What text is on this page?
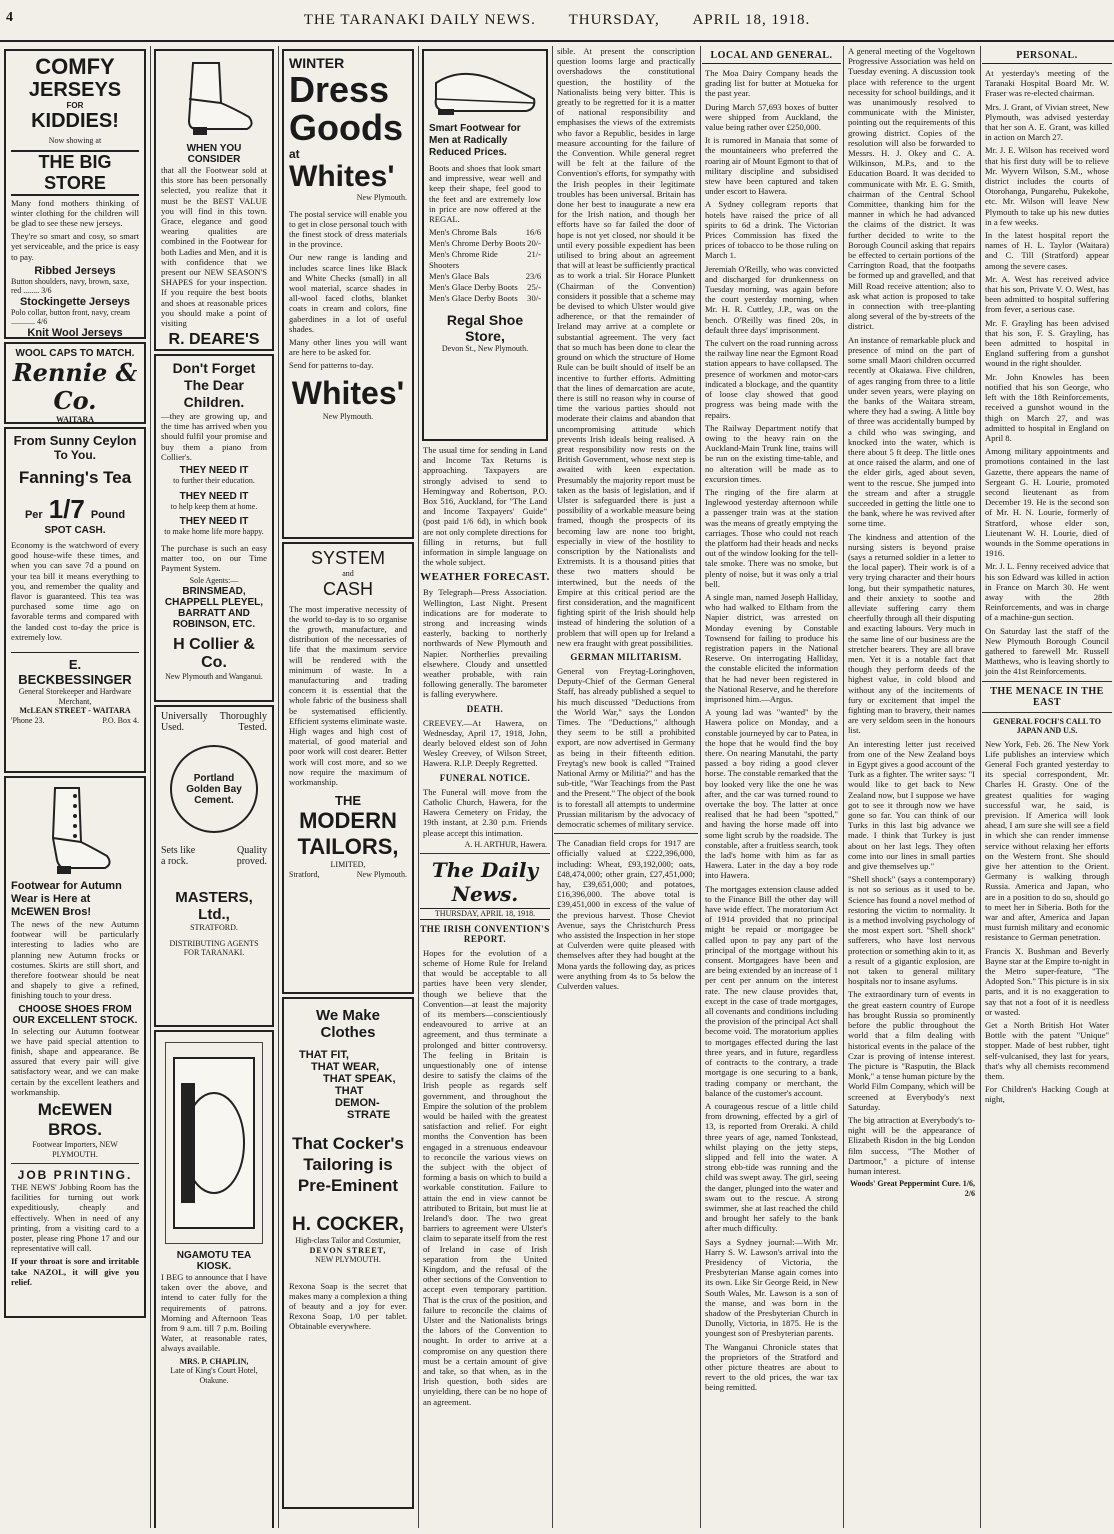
4	THE TARANAKI DAILY NEWS. THURSDAY, APRIL 18, 1918.
COMFY
JERSEYS
FOR
KIDDIES!
Now showing at
THE BIG STORE

Many fond mothers thinking of winter clothing for the children will be glad to see these new jerseys.

They're so smart and cosy, so smart yet serviceable, and the price is easy to pay.

Ribbed Jerseys
Button shoulders, navy, brown, saxe, red ........ 3/6
Stockingette Jerseys
Polo collar, button front, navy, cream ............ 4/6
Knit Wool Jerseys
WOOL CAPS TO MATCH.
Rennie & Co.
WAITARA
From Sunny Ceylon
To You.
Fanning's Tea
Per 1/7 Pound
SPOT CASH.

Economy is the watchword of every good house-wife these times, and when you can save 7d a pound on your tea bill it means everything to you, and remember the quality and flavor is guaranteed. This tea was purchased some time ago on favorable terms and compared with the landed cost to-day the price is extremely low.

E. BECKBESSINGER
General Storekeeper and Hardware Merchant,
McLEAN STREET - WAITARA
'Phone 23.	P.O. Box 4.
Footwear for Autumn Wear is Here at McEWEN Bros!

The news of the new Autumn footwear will be particularly interesting to ladies who are planning new Autumn frocks or costumes. Skirts are still short, and therefore footwear should be neat and shapely to give a refined, finishing touch to your dress.

CHOOSE SHOES FROM OUR EXCELLENT STOCK.

In selecting our Autumn footwear we have paid special attention to finish, shape and appearance. Be assured that every pair will give satisfactory wear, and we can make certain by the excellent leathers and workmanship.

McEWEN BROS.
Footwear Importers, NEW PLYMOUTH.
JOB PRINTING.

THE NEWS' Jobbing Room has the facilities for turning out work expeditiously, cheaply and effectively. When in need of any printing, from a visiting card to a poster, please ring Phone 17 and our representative will call.

If your throat is sore and irritable take NAZOL, it will give you relief.

WHEN YOU CONSIDER

that all the Footwear sold at this store has been personally selected, you realize that it must be the BEST VALUE you will find in this town. Grace, elegance and good wearing qualities are combined in the Footwear for both Ladies and Men, and it is with confidence that we present our NEW SEASON'S SHAPES for your inspection. If you require the best boots and shoes at reasonable prices you should make a point of visiting

R. DEARE'S
Don't Forget The Dear Children.

—they are growing up, and the time has arrived when you should fulfil your promise and buy them a piano from Collier's.

THEY NEED IT
to further their education.
THEY NEED IT
to help keep them at home.
THEY NEED IT
to make home life more happy.

The purchase is such an easy matter too, on our Time Payment System.

Sole Agents:—
BRINSMEAD, CHAPPELL PLEYEL, BARRATT AND ROBINSON, ETC.
H Collier & Co.
New Plymouth and Wanganui.
Universally Thoroughly
Used.	Tested.
Portland
Golden Bay
Cement.
Sets like	Quality
a rock.	proved.
MASTERS, Ltd.,
STRATFORD.
DISTRIBUTING AGENTS FOR TARANAKI.
NGAMOTU TEA KIOSK.

I BEG to announce that I have taken over the above, and intend to cater fully for the requirements of patrons. Morning and Afternoon Teas from 9 a.m. till 7 p.m. Boiling Water, at reasonable rates, always available.

MRS. P. CHAPLIN,
Late of King's Court Hotel, Otakune.
WINTER
Dress
Goods
at
Whites'
New Plymouth.

The postal service will enable you to get in close personal touch with the finest stock of dress materials in the province.

Our new range is landing and includes scarce lines like Black and White Checks (small) in all wool material, scarce shades in all-wool faced cloths, blanket coats in cream and colors, fine gaberdines in a lot of useful shades.

Many other lines you will want are here to be asked for.

Send for patterns to-day.

Whites'
New Plymouth.
SYSTEM
and
CASH

The most imperative necessity of the world to-day is to so organise the growth, manufacture, and distribution of the necessaries of life that the maximum service will be rendered with the minimum of waste. In a manufacturing and trading concern it is essential that the whole fabric of the business shall be systematised efficiently. Efficient systems eliminate waste. High wages and high cost of material, of good material and poor work will cost dearer. Better work will cost more, and so we now require the maximum of workmanship.

THE
MODERN
TAILORS,
LIMITED,
Stratford,	New Plymouth.
We Make Clothes
THAT FIT,
THAT WEAR,
THAT SPEAK,
THAT DEMON-
STRATE
That Cocker's Tailoring is Pre-Eminent
H. COCKER,
High-class Tailor and Costumier,
DEVON STREET,
NEW PLYMOUTH.

Rexona Soap is the secret that makes many a complexion a thing of beauty and a joy for ever. Rexona Soap, 1/0 per tablet. Obtainable everywhere.

Smart Footwear for Men at Radically Reduced Prices.

Boots and shoes that look smart and impressive, wear well and keep their shape, feel good to the feet and are extremely low in price are now offered at the REGAL.

Men's Chrome Bals	16/6
Men's Chrome Derby Boots 20/-
Men's Chrome Ride Shooters
21/-
Men's Glace Bals	23/6
Men's Glace Derby Boots 25/-
Men's Glace Derby Boots 30/-
Regal Shoe Store,
Devon St., New Plymouth.

The usual time for sending in Land and Income Tax Returns is approaching. Taxpayers are strongly advised to send to Hemingway and Robertson, P.O. Box 516, Auckland, for "The Land and Income Taxpayers' Guide" (post paid 1/6 6d), in which book are not only complete directions for filling in returns, but full information in simple language on the whole subject.

WEATHER FORECAST.

By Telegraph—Press Association. Wellington, Last Night. Present indications are for moderate to strong and increasing winds easterly, backing to northerly northwards of New Plymouth and Napier. Northerlies prevailing elsewhere. Cloudy and unsettled weather probable, with rain following generally. The barometer is falling everywhere.

DEATH.

CREEVEY.—At Hawera, on Wednesday, April 17, 1918, John, dearly beloved eldest son of John Wesley Creevey, of Wilson Street, Hawera. R.I.P. Deeply Regretted.

FUNERAL NOTICE.

The Funeral will move from the Catholic Church, Hawera, for the Hawera Cemetery on Friday, the 19th instant, at 2.30 p.m. Friends please accept this intimation.

A. H. ARTHUR, Hawera.
The Daily News.
THURSDAY, APRIL 18, 1918.
THE IRISH CONVENTION'S REPORT.

Hopes for the evolution of a scheme of Home Rule for Ireland that would be acceptable to all parties have been very slender, though we believe that the Convention—at least the majority of its members—conscientiously endeavoured to arrive at an agreement, and thus terminate a prolonged and bitter controversy. The feeling in Britain is unquestionably one of intense desire to satisfy the claims of the Irish people as regards self government, and throughout the Empire the solution of the problem would be hailed with the greatest satisfaction and relief. For eight months the Convention has been engaged in a strenuous endeavour to reconcile the various views on the subject with the object of forming a basis on which to build a workable constitution. Failure to attain the end in view cannot be attributed to Britain, but must lie at Ireland's door. The two great barriers to agreement were Ulster's claim to separate itself from the rest of Ireland in case of Irish separation from the United Kingdom, and the refusal of the other sections of the Convention to accept even temporary partition. That is the crux of the position, and failure to reconcile the claims of Ulster and the Nationalists brings the labors of the Convention to nought. In order to arrive at a compromise on any question there must be a certain amount of give and take, so that when, as in the Irish question, both sides are unyielding, there can be no hope of an agreement.

sible. At present the conscription question looms large and practically overshadows the constitutional question, the hostility of the Nationalists being very bitter. This is greatly to be regretted for it is a matter of national responsibility and emphasises the views of the extremists who favor a Republic, besides in large measure accounting for the failure of the Convention. While general regret will be felt at the failure of the Convention's efforts, for sympathy with the Irish peoples in their legitimate troubles has been universal. Britain has done her best to inaugurate a new era for the Irish nation, and though her efforts have so far failed the door of hope is not yet closed, nor should it be until every possible expedient has been utilised to bring about an agreement that will at least be sufficiently practical as to work a trial. Sir Horace Plunkett (Chairman of the Convention) considers it possible that a scheme may be devised to which Ulster would give adherence, or that the remainder of Ireland may arrive at a complete or substantial agreement. The very fact that so much has been done to clear the ground on which the structure of Home Rule can be built should of itself be an incentive to further efforts. Admitting that the lines of demarcation are acute, there is still no reason why in course of time the various parties should not moderate their claims and abandon that uncompromising attitude which prevents Irish ideals being realised. A great responsibility now rests on the British Government, whose next step is awaited with keen expectation. Presumably the majority report must be taken as the basis of legislation, and if Ulster is safeguarded there is just a possibility of a workable measure being framed, though the prospects of its becoming law are none too bright, especially in view of the hostility to conscription by the Nationalists and Extremists. It is a thousand pities that these two matters should be intertwined, but the needs of the Empire at this critical period are the first consideration, and the magnificent fighting spirit of the Irish should help instead of hindering the solution of a problem that will open up for Ireland a new era fraught with great possibilities.

GERMAN MILITARISM.

General von Freytag-Loringhoven, Deputy-Chief of the German General Staff, has already published a sequel to his much discussed "Deductions from the World War," says the London Times. The "Deductions," although they seem to be still a prohibited export, are now advertised in Germany as being in their fifteenth edition. Freytag's new book is called "Trained National Army or Militia?" and has the sub-title, "War Teachings from the Past and the Present." The object of the book is to forestall all attempts to undermine Prussian militarism by the advocacy of democratic schemes of military service.

The Canadian field crops for 1917 are officially valued at £222,396,000, including: Wheat, £93,192,000; oats, £48,474,000; other grain, £27,451,000; hay, £39,651,000; and potatoes, £16,396,000. The above total is £39,451,000 in excess of the value of the previous harvest. Those Cheviot Avenue, says the Christchurch Press who assisted the Inspection in her stope at Culverden were quite pleased with themselves after they had bought at the Mona yards the following day, as prices were anything from 4s to 5s below the Culverden values.

LOCAL AND GENERAL.

The Moa Dairy Company heads the grading list for butter at Motueka for the past year.

During March 57,693 boxes of butter were shipped from Auckland, the value being rather over £250,000.

It is rumored in Manaia that some of the mountaineers who preferred the roaring air of Mount Egmont to that of military discipline and subsidised stew have been captured and taken under escort to Hawera.

A Sydney collegram reports that hotels have raised the price of all spirits to 6d a drink. The Victorian Prices Commission has fixed the prices of tobacco to be those ruling on March 1.

Jeremiah O'Reilly, who was convicted and discharged for drunkenness on Tuesday morning, was again before the court yesterday morning, when Mr. H. R. Cuttley, J.P., was on the bench. O'Reilly was fined 20s, in default three days' imprisonment.

The culvert on the road running across the railway line near the Egmont Road station appears to have collapsed. The presence of workmen and motor-cars indicated a blockage, and the quantity of loose clay showed that good progress was being made with the repairs.

The Railway Department notify that owing to the heavy rain on the Auckland-Main Trunk line, trains will be run on the existing time-table, and no alteration will be made as to excursion times.

The ringing of the fire alarm at Inglewood yesterday afternoon while a passenger train was at the station was the means of greatly emptying the carriages. Those who could not reach the platform had their heads and necks out of the window looking for the tell-tale smoke. There was no smoke, but plenty of noise, but it was only a trial bell.

A single man, named Joseph Halliday, who had walked to Eltham from the Napier district, was arrested on Monday evening by Constable Townsend for failing to produce his registration papers in the National Reserve. On interrogating Halliday, the constable elicited the information that he had never been registered in the National Reserve, and he therefore imprisoned him.—Argus.

A young lad was "wanted" by the Hawera police on Monday, and a constable journeyed by car to Patea, in the hope that he would find the boy there. On nearing Manutahi, the party passed a boy riding a good clever horse. The constable remarked that the boy looked very like the one he was after, and the car was turned round to overtake the boy. The latter at once realised that he had been "spotted," and having the horse made off into some light scrub by the roadside. The constable, after a fruitless search, took the lad's home with him as far as Hawera. Later in the day a boy rode into Hawera.

The mortgages extension clause added to the Finance Bill the other day will have wide effect. The moratorium Act of 1914 provided that no principal might be repaid or mortgagee be called upon to pay any part of the principal of the mortgage without his consent. Mortgagees have been and are being extended by an increase of 1 per cent per annum on the interest rate. The new clause provides that, except in the case of trade mortgages, all covenants and conditions including the provision of the principal Act shall become void. The moratorium applies to mortgages effected during the last three years, and in future, regardless of contracts to the contrary, a trade mortgage is one securing to a bank, trading company or merchant, the balance of the customer's account.

A courageous rescue of a little child from drowning, effected by a girl of 13, is reported from Oreraki. A child three years of age, named Tonkstead, whilst playing on the jetty steps, slipped and fell into the water. A strong ebb-tide was running and the child was swept away. The girl, seeing the danger, plunged into the water and swam out to the rescue. A strong swimmer, she at last reached the child and brought her safely to the bank after much difficulty.

Says a Sydney journal:—With Mr. Harry S. W. Lawson's arrival into the Presidency of Victoria, the Presbyterian Manse again comes into its own. Like Sir George Reid, in New South Wales, Mr. Lawson is a son of the manse, and was born in the shadow of the Presbyterian Church in Dunolly, Victoria, in 1875. He is the youngest son of Presbyterian parents.

The Wanganui Chronicle states that the proprietors of the Stratford and other picture theatres are about to revert to the old prices, the war tax being remitted.

A general meeting of the Vogeltown Progressive Association was held on Tuesday evening. A discussion took place with reference to the urgent necessity for school buildings, and it was unanimously resolved to communicate with the Minister, pointing out the requirements of this growing district. Copies of the resolution will also be forwarded to Messrs. H. J. Okey and C. A. Wilkinson, M.P.s, and to the Education Board. It was decided to communicate with Mr. E. G. Smith, chairman of the Central School Committee, thanking him for the manner in which he had advanced the claims of the district. It was further decided to write to the Borough Council asking that repairs be effected to certain portions of the Carrington Road, that the footpaths be formed up and gravelled, and that Mill Road receive attention; also to ask what action is proposed to take in connection with tree-planting along several of the by-streets of the district.

An instance of remarkable pluck and presence of mind on the part of some small Maori children occurred recently at Okaiawa. Five children, of ages ranging from three to a little under seven years, were playing on the banks of the Waitara stream, where they had a swing. A little boy of three was accidentally bumped by a child who was swinging, and knocked into the water, which is there about 5 ft deep. The little ones at once raised the alarm, and one of the elder girls, aged about seven, went to the rescue. She jumped into the stream and after a struggle succeeded in getting the little one to the bank, where he was revived after some time.

The kindness and attention of the nursing sisters is beyond praise (says a returned soldier in a letter to the local paper). Their work is of a very trying character and their hours long, but their sympathetic natures, and their anxiety to soothe and alleviate suffering carry them cheerfully through all their disputing and exacting labours. Very much in the same line of our business are the stretcher bearers. They are all brave men. Yet it is a notable fact that though they perform deeds of the highest value, in cold blood and without any of the incitements of fury or excitement that impel the fighting man to bravery, their names are very seldom seen in the honours list.

An interesting letter just received from one of the New Zealand boys in Egypt gives a good account of the Turk as a fighter. The writer says: "I would like to get back to New Zealand now, but I suppose we have got to see it through now we have gone so far. You can think of our Turks in this last big advance we made. I think that Turkey is just about on her last legs. They often come into our lines in small parties and give themselves up."

"Shell shock" (says a contemporary) is not so serious as it used to be. Science has found a novel method of restoring the victim to normality. It is a method involving psychology of the most expert sort. "Shell shock" sufferers, who have lost nervous protection or something akin to it, as a result of a gigantic explosion, are not taken to general military hospitals nor to insane asylums.

The extraordinary turn of events in the great eastern country of Europe has brought Russia so prominently before the public throughout the world that a film dealing with historical events in the palace of the Czar is proving of intense interest. The picture is "Rasputin, the Black Monk," a tense human picture by the World Film Company, which will be screened at Everybody's next Saturday.

The big attraction at Everybody's to-night will be the appearance of Elizabeth Risdon in the big London film success, "The Mother of Dartmoor," a picture of intense human interest.

Woods' Great Peppermint Cure. 1/6, 2/6
PERSONAL.

At yesterday's meeting of the Taranaki Hospital Board Mr. W. Fraser was re-elected chairman.

Mrs. J. Grant, of Vivian street, New Plymouth, was advised yesterday that her son A. E. Grant, was killed in action on March 27.

Mr. J. E. Wilson has received word that his first duty will be to relieve Mr. Wyvern Wilson, S.M., whose district includes the courts of Otorohanga, Pungarehu, Pukekohe, etc. Mr. Wilson will leave New Plymouth to take up his new duties in a few weeks.

In the latest hospital report the names of H. L. Taylor (Waitara) and C. Till (Stratford) appear among the severe cases.

Mr. A. West has received advice that his son, Private V. O. West, has been admitted to hospital suffering from fever, a serious case.

Mr. F. Grayling has been advised that his son, F. S. Grayling, has been admitted to hospital in England suffering from a gunshot wound in the right shoulder.

Mr. John Knowles has been notified that his son George, who left with the 18th Reinforcements, received a gunshot wound in the thigh on March 27, and was admitted to hospital in England on April 8.

Among military appointments and promotions contained in the last Gazette, there appears the name of Sergeant G. H. Lourie, promoted second lieutenant as from December 19. He is the second son of Mr. H. N. Lourie, formerly of Stratford, whose elder son, Lieutenant W. H. Lourie, died of wounds in the Somme operations in 1916.

Mr. J. L. Fenny received advice that his son Edward was killed in action in France on March 30. He went away with the 28th Reinforcements, and was in charge of a machine-gun section.

On Saturday last the staff of the New Plymouth Borough Council gathered to farewell Mr. Russell Matthews, who is leaving shortly to join the 41st Reinforcements.

THE MENACE IN THE EAST
GENERAL FOCH'S CALL TO JAPAN AND U.S.

New York, Feb. 26. The New York Life publishes an interview which General Foch granted yesterday to its special correspondent, Mr. Charles H. Grasty. One of the greatest qualities for waging successful war, he said, is prevision. If America will look ahead, I am sure she will see a field in which she can render immense service without relaxing her efforts on the Western front. She should give her attention to the Orient. Germany is walking through Russia. America and Japan, who are in a position to do so, should go to meet her in Siberia. Both for the war and after, America and Japan must furnish military and economic resistance to German penetration.

Francis X. Bushman and Beverly Bayne star at the Empire to-night in the Metro super-feature, "The Adopted Son." This picture is in six parts, and it is no exaggeration to say that not a foot of it is needless or wasted.

Get a North British Hot Water Bottle with the patent "Unique" stopper. Made of best rubber, tight self-vulcanised, they last for years, that's why all chemists recommend them.

For Children's Hacking Cough at night,
